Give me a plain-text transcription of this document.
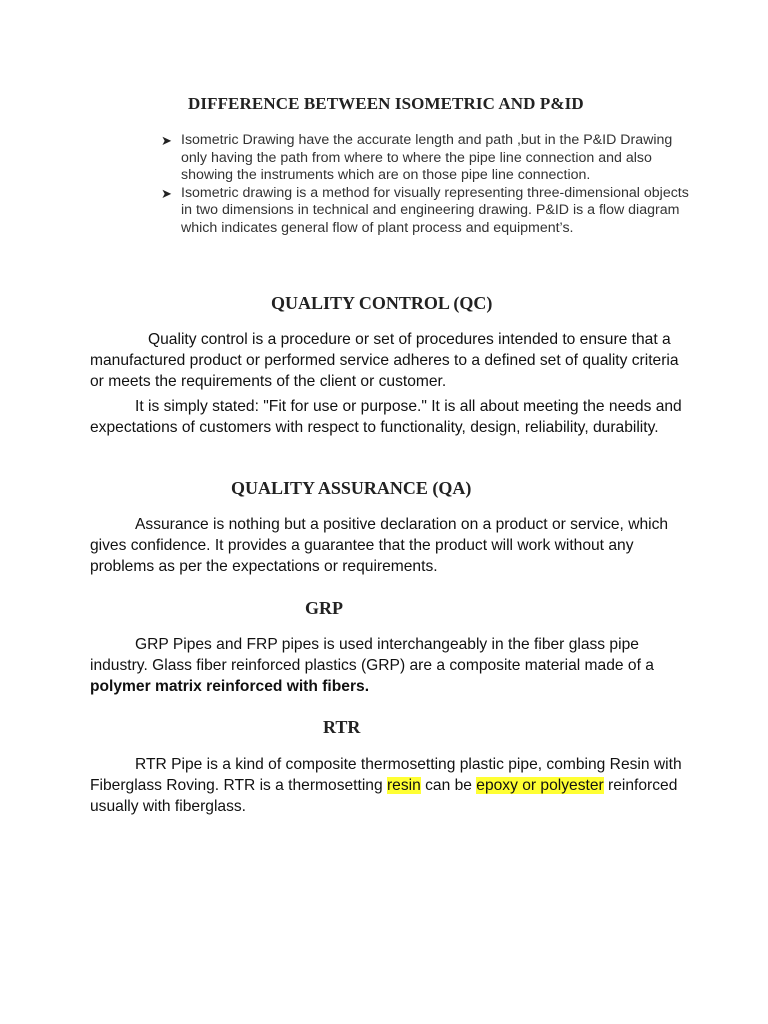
DIFFERENCE BETWEEN ISOMETRIC AND P&ID
➤ Isometric Drawing have the accurate length and path ,but in the P&ID Drawing only having the path from where to where the pipe line connection and also showing the instruments which are on those pipe line connection.
➤ Isometric drawing is a method for visually representing three-dimensional objects in two dimensions in technical and engineering drawing. P&ID is a flow diagram which indicates general flow of plant process and equipment’s.
QUALITY CONTROL (QC)

Quality control is a procedure or set of procedures intended to ensure that a manufactured product or performed service adheres to a defined set of quality criteria or meets the requirements of the client or customer.

It is simply stated: "Fit for use or purpose." It is all about meeting the needs and expectations of customers with respect to functionality, design, reliability, durability.

QUALITY ASSURANCE (QA)

Assurance is nothing but a positive declaration on a product or service, which gives confidence. It provides a guarantee that the product will work without any problems as per the expectations or requirements.

GRP

GRP Pipes and FRP pipes is used interchangeably in the fiber glass pipe industry. Glass fiber reinforced plastics (GRP) are a composite material made of a polymer matrix reinforced with fibers.

RTR

RTR Pipe is a kind of composite thermosetting plastic pipe, combing Resin with Fiberglass Roving. RTR is a thermosetting resin can be epoxy or polyester reinforced usually with fiberglass.
